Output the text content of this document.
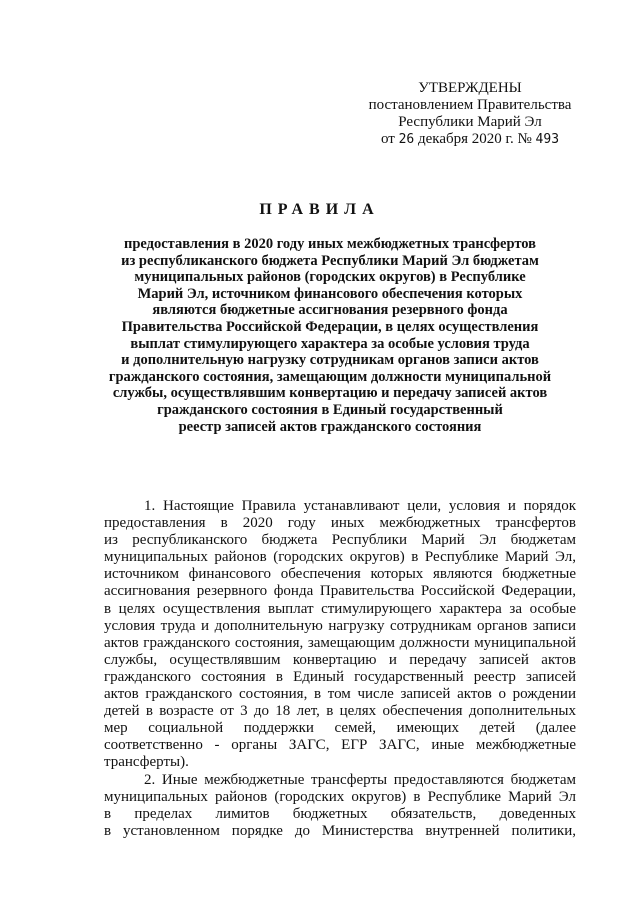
УТВЕРЖДЕНЫ
постановлением Правительства
Республики Марий Эл
от 26 декабря 2020 г. № 493
ПРАВИЛА
предоставления в 2020 году иных межбюджетных трансфертов
из республиканского бюджета Республики Марий Эл бюджетам
муниципальных районов (городских округов) в Республике
Марий Эл, источником финансового обеспечения которых
являются бюджетные ассигнования резервного фонда
Правительства Российской Федерации, в целях осуществления
выплат стимулирующего характера за особые условия труда
и дополнительную нагрузку сотрудникам органов записи актов
гражданского состояния, замещающим должности муниципальной
службы, осуществлявшим конвертацию и передачу записей актов
гражданского состояния в Единый государственный
реестр записей актов гражданского состояния
1. Настоящие Правила устанавливают цели, условия и порядок
предоставления в 2020 году иных межбюджетных трансфертов
из республиканского бюджета Республики Марий Эл бюджетам
муниципальных районов (городских округов) в Республике Марий Эл,
источником финансового обеспечения которых являются бюджетные
ассигнования резервного фонда Правительства Российской Федерации,
в целях осуществления выплат стимулирующего характера за особые
условия труда и дополнительную нагрузку сотрудникам органов записи
актов гражданского состояния, замещающим должности муниципальной
службы, осуществлявшим конвертацию и передачу записей актов
гражданского состояния в Единый государственный реестр записей
актов гражданского состояния, в том числе записей актов о рождении
детей в возрасте от 3 до 18 лет, в целях обеспечения дополнительных
мер социальной поддержки семей, имеющих детей (далее
соответственно - органы ЗАГС, ЕГР ЗАГС, иные межбюджетные
трансферты).
2. Иные межбюджетные трансферты предоставляются бюджетам
муниципальных районов (городских округов) в Республике Марий Эл
в пределах лимитов бюджетных обязательств, доведенных
в установленном порядке до Министерства внутренней политики,
